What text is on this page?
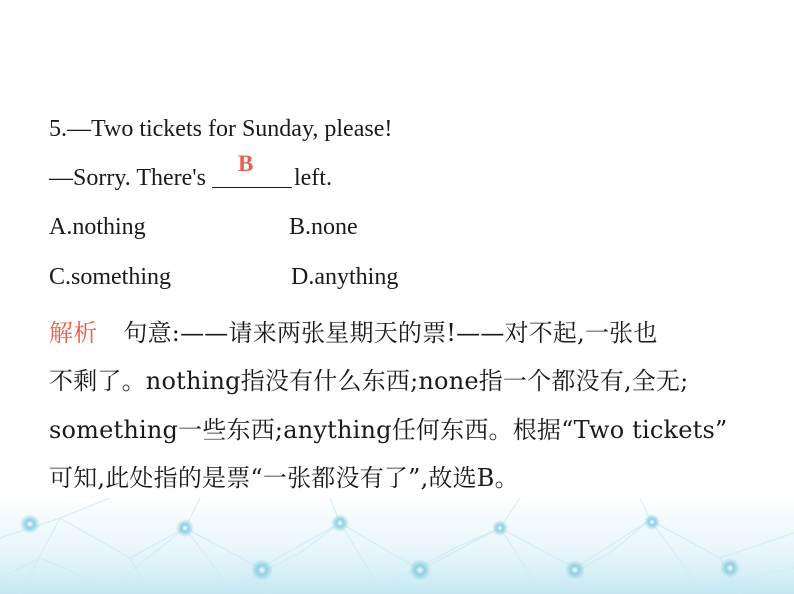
5.—Two tickets for Sunday, please!
—Sorry. There's
B
left.
A.nothing	B.none
C.something	D.anything
解析 句意:——请来两张星期天的票!——对不起,一张也
不剩了。nothing指没有什么东西;none指一个都没有,全无;
something一些东西;anything任何东西。根据“Two tickets”
可知,此处指的是票“一张都没有了”,故选B。
